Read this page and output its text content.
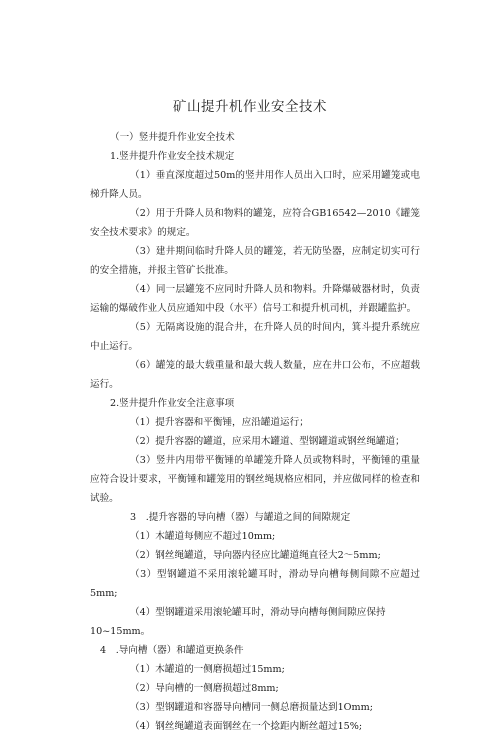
矿山提升机作业安全技术

（一）竖井提升作业安全技术

1.竖井提升作业安全技术规定

（1）垂直深度超过50m的竖井用作人员出入口时，应采用罐笼或电梯升降人员。

（2）用于升降人员和物料的罐笼，应符合GB16542—2010《罐笼安全技术要求》的规定。

（3）建井期间临时升降人员的罐笼，若无防坠器，应制定切实可行的安全措施，并报主管矿长批准。

（4）同一层罐笼不应同时升降人员和物料。升降爆破器材时，负责运输的爆破作业人员应通知中段（水平）信号工和提升机司机，并跟罐监护。

（5）无隔离设施的混合井，在升降人员的时间内，箕斗提升系统应中止运行。

（6）罐笼的最大载重量和最大载人数量，应在井口公布，不应超载运行。

2.竖井提升作业安全注意事项

（1）提升容器和平衡锤，应沿罐道运行；

（2）提升容器的罐道，应采用木罐道、型钢罐道或钢丝绳罐道；

（3）竖井内用带平衡锤的单罐笼升降人员或物料时，平衡锤的重量应符合设计要求，平衡锤和罐笼用的钢丝绳规格应相同，并应做同样的检查和试验。

3　.提升容器的导向槽（器）与罐道之间的间隙规定

（1）木罐道每侧应不超过10mm;

（2）钢丝绳罐道，导向器内径应比罐道绳直径大2〜5mm;

（3）型钢罐道不采用滚轮罐耳时，滑动导向槽每侧间隙不应超过5mm;

（4）型钢罐道采用滚轮罐耳时，滑动导向槽每侧间隙应保持

10~15mm。

4　.导向槽（器）和罐道更换条件

（1）木罐道的一侧磨损超过15mm;

（2）导向槽的一侧磨损超过8mm;

（3）型钢罐道和容器导向槽同一侧总磨损量达到1Omm;

（4）钢丝绳罐道表面钢丝在一个捻距内断丝超过15%;
